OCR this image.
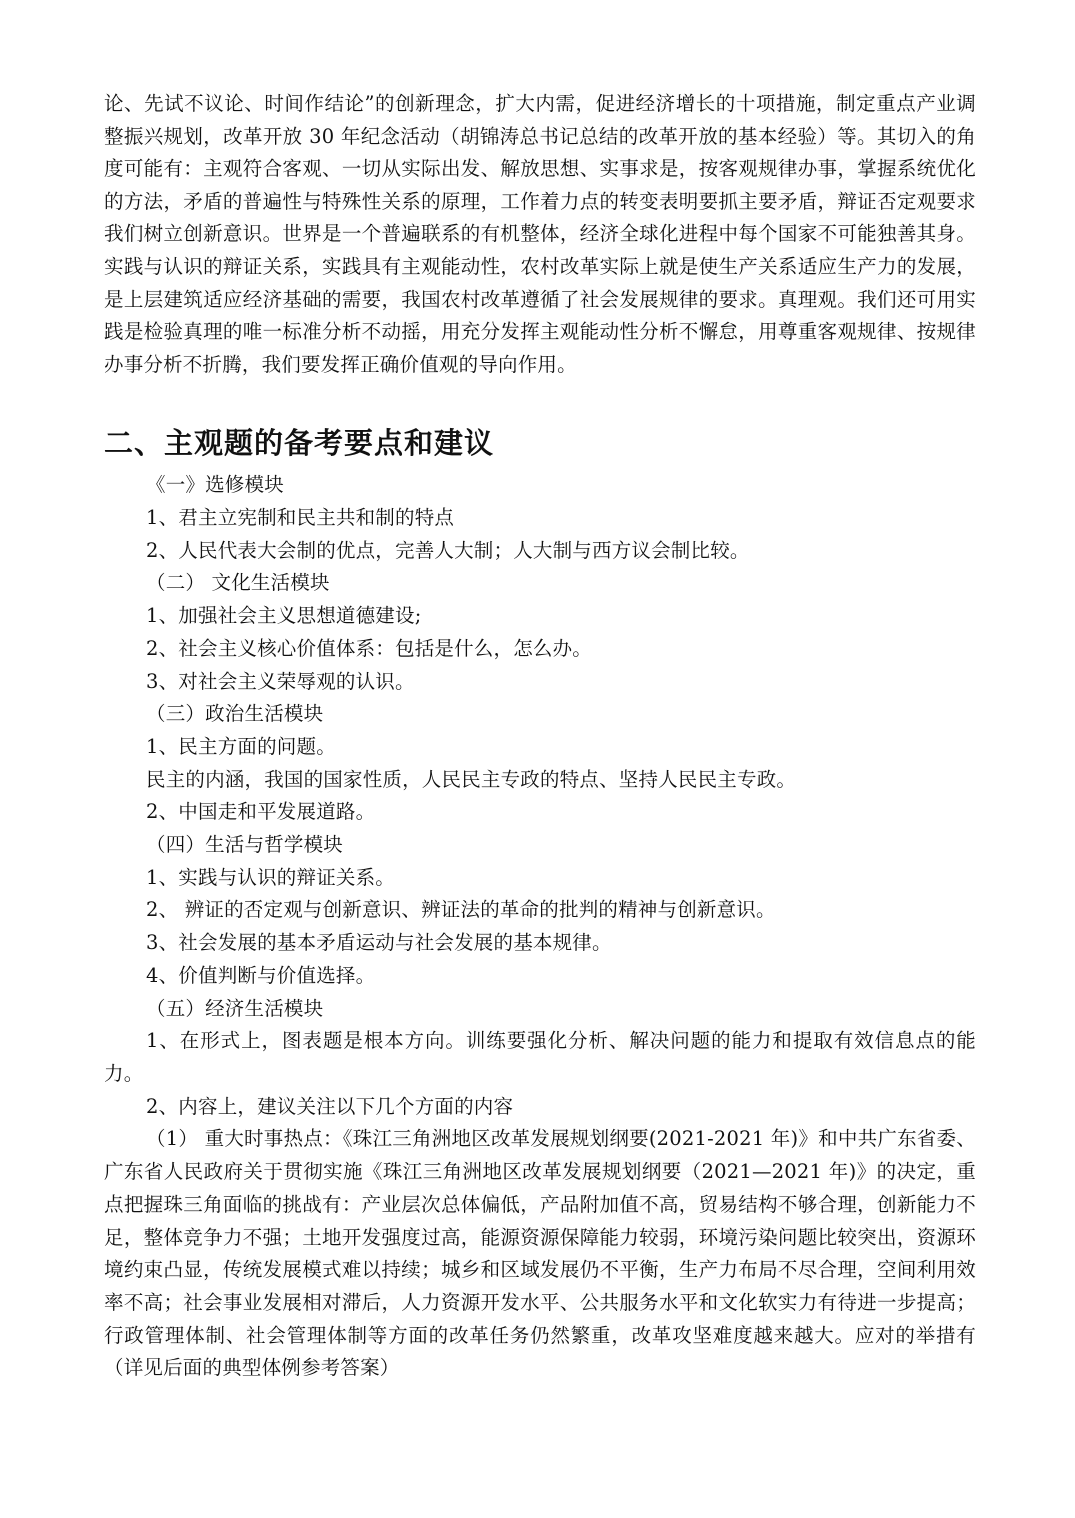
论、先试不议论、时间作结论”的创新理念，扩大内需，促进经济增长的十项措施，制定重点产业调整振兴规划，改革开放 30 年纪念活动（胡锦涛总书记总结的改革开放的基本经验）等。其切入的角度可能有：主观符合客观、一切从实际出发、解放思想、实事求是，按客观规律办事，掌握系统优化的方法，矛盾的普遍性与特殊性关系的原理，工作着力点的转变表明要抓主要矛盾，辩证否定观要求我们树立创新意识。世界是一个普遍联系的有机整体，经济全球化进程中每个国家不可能独善其身。实践与认识的辩证关系，实践具有主观能动性，农村改革实际上就是使生产关系适应生产力的发展，是上层建筑适应经济基础的需要，我国农村改革遵循了社会发展规律的要求。真理观。我们还可用实践是检验真理的唯一标准分析不动摇，用充分发挥主观能动性分析不懈怠，用尊重客观规律、按规律办事分析不折腾，我们要发挥正确价值观的导向作用。

二、主观题的备考要点和建议
《一》选修模块
1、君主立宪制和民主共和制的特点
2、人民代表大会制的优点，完善人大制；人大制与西方议会制比较。
（二） 文化生活模块
1、加强社会主义思想道德建设;
2、社会主义核心价值体系：包括是什么，怎么办。
3、对社会主义荣辱观的认识。
（三）政治生活模块
1、民主方面的问题。
民主的内涵，我国的国家性质，人民民主专政的特点、坚持人民民主专政。
2、中国走和平发展道路。
（四）生活与哲学模块
1、实践与认识的辩证关系。
2、 辨证的否定观与创新意识、辨证法的革命的批判的精神与创新意识。
3、社会发展的基本矛盾运动与社会发展的基本规律。
4、价值判断与价值选择。
（五）经济生活模块
1、在形式上，图表题是根本方向。训练要强化分析、解决问题的能力和提取有效信息点的能力。
2、内容上，建议关注以下几个方面的内容
（1） 重大时事热点：《珠江三角洲地区改革发展规划纲要(2021-2021 年)》和中共广东省委、广东省人民政府关于贯彻实施《珠江三角洲地区改革发展规划纲要（2021—2021 年)》的决定，重点把握珠三角面临的挑战有：产业层次总体偏低，产品附加值不高，贸易结构不够合理，创新能力不足，整体竞争力不强；土地开发强度过高，能源资源保障能力较弱，环境污染问题比较突出，资源环境约束凸显，传统发展模式难以持续；城乡和区域发展仍不平衡，生产力布局不尽合理，空间利用效率不高；社会事业发展相对滞后，人力资源开发水平、公共服务水平和文化软实力有待进一步提高；行政管理体制、社会管理体制等方面的改革任务仍然繁重，改革攻坚难度越来越大。应对的举措有（详见后面的典型体例参考答案）
